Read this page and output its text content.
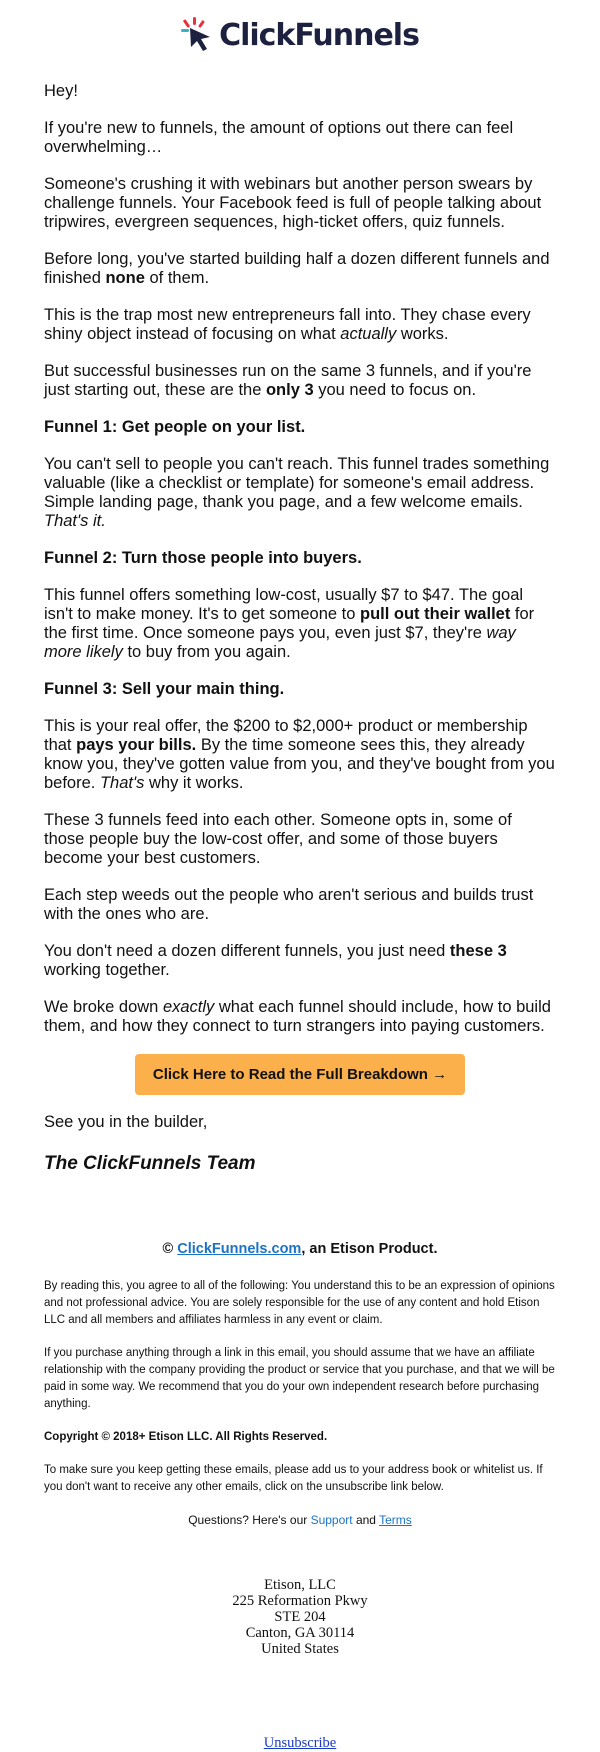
ClickFunnels

Hey!

If you're new to funnels, the amount of options out there can feel overwhelming…

Someone's crushing it with webinars but another person swears by challenge funnels. Your Facebook feed is full of people talking about tripwires, evergreen sequences, high-ticket offers, quiz funnels.

Before long, you've started building half a dozen different funnels and finished none of them.

This is the trap most new entrepreneurs fall into. They chase every shiny object instead of focusing on what actually works.

But successful businesses run on the same 3 funnels, and if you're just starting out, these are the only 3 you need to focus on.

Funnel 1: Get people on your list.

You can't sell to people you can't reach. This funnel trades something valuable (like a checklist or template) for someone's email address. Simple landing page, thank you page, and a few welcome emails. That's it.

Funnel 2: Turn those people into buyers.

This funnel offers something low-cost, usually $7 to $47. The goal isn't to make money. It's to get someone to pull out their wallet for the first time. Once someone pays you, even just $7, they're way more likely to buy from you again.

Funnel 3: Sell your main thing.

This is your real offer, the $200 to $2,000+ product or membership that pays your bills. By the time someone sees this, they already know you, they've gotten value from you, and they've bought from you before. That's why it works.

These 3 funnels feed into each other. Someone opts in, some of those people buy the low-cost offer, and some of those buyers become your best customers.

Each step weeds out the people who aren't serious and builds trust with the ones who are.

You don't need a dozen different funnels, you just need these 3 working together.

We broke down exactly what each funnel should include, how to build them, and how they connect to turn strangers into paying customers.

Click Here to Read the Full Breakdown →

See you in the builder,

The ClickFunnels Team
© ClickFunnels.com, an Etison Product.

By reading this, you agree to all of the following: You understand this to be an expression of opinions and not professional advice. You are solely responsible for the use of any content and hold Etison LLC and all members and affiliates harmless in any event or claim.

If you purchase anything through a link in this email, you should assume that we have an affiliate relationship with the company providing the product or service that you purchase, and that we will be paid in some way. We recommend that you do your own independent research before purchasing anything.

Copyright © 2018+ Etison LLC. All Rights Reserved.

To make sure you keep getting these emails, please add us to your address book or whitelist us. If you don't want to receive any other emails, click on the unsubscribe link below.

Questions? Here's our Support and Terms
Etison, LLC
225 Reformation Pkwy
STE 204
Canton, GA 30114
United States
Unsubscribe
